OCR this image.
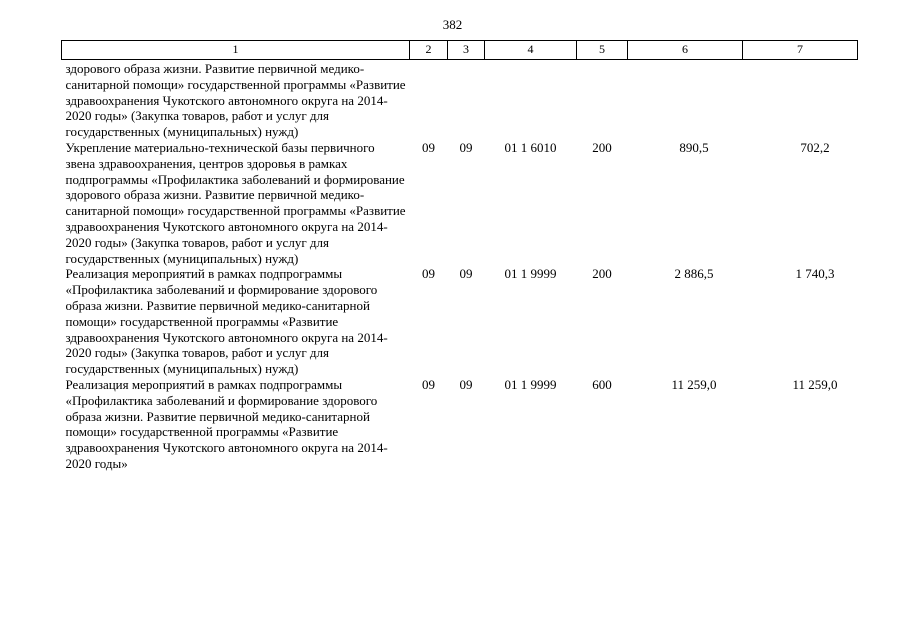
382
1	2	3	4	5	6	7
здорового образа жизни. Развитие первичной медико-санитарной помощи» государственной программы «Развитие здравоохранения Чукотского автономного округа на 2014-2020 годы» (Закупка товаров, работ и услуг для государственных (муниципальных) нужд)						
Укрепление материально-технической базы первичного звена здравоохранения, центров здоровья в рамках подпрограммы «Профилактика заболеваний и формирование здорового образа жизни. Развитие первичной медико-санитарной помощи» государственной программы «Развитие здравоохранения Чукотского автономного округа на 2014-2020 годы» (Закупка товаров, работ и услуг для государственных (муниципальных) нужд)	09	09	01 1 6010	200	890,5	702,2
Реализация мероприятий в рамках подпрограммы «Профилактика заболеваний и формирование здорового образа жизни. Развитие первичной медико-санитарной помощи» государственной программы «Развитие здравоохранения Чукотского автономного округа на 2014-2020 годы» (Закупка товаров, работ и услуг для государственных (муниципальных) нужд)	09	09	01 1 9999	200	2 886,5	1 740,3
Реализация мероприятий в рамках подпрограммы «Профилактика заболеваний и формирование здорового образа жизни. Развитие первичной медико-санитарной помощи» государственной программы «Развитие здравоохранения Чукотского автономного округа на 2014-2020 годы»	09	09	01 1 9999	600	11 259,0	11 259,0
